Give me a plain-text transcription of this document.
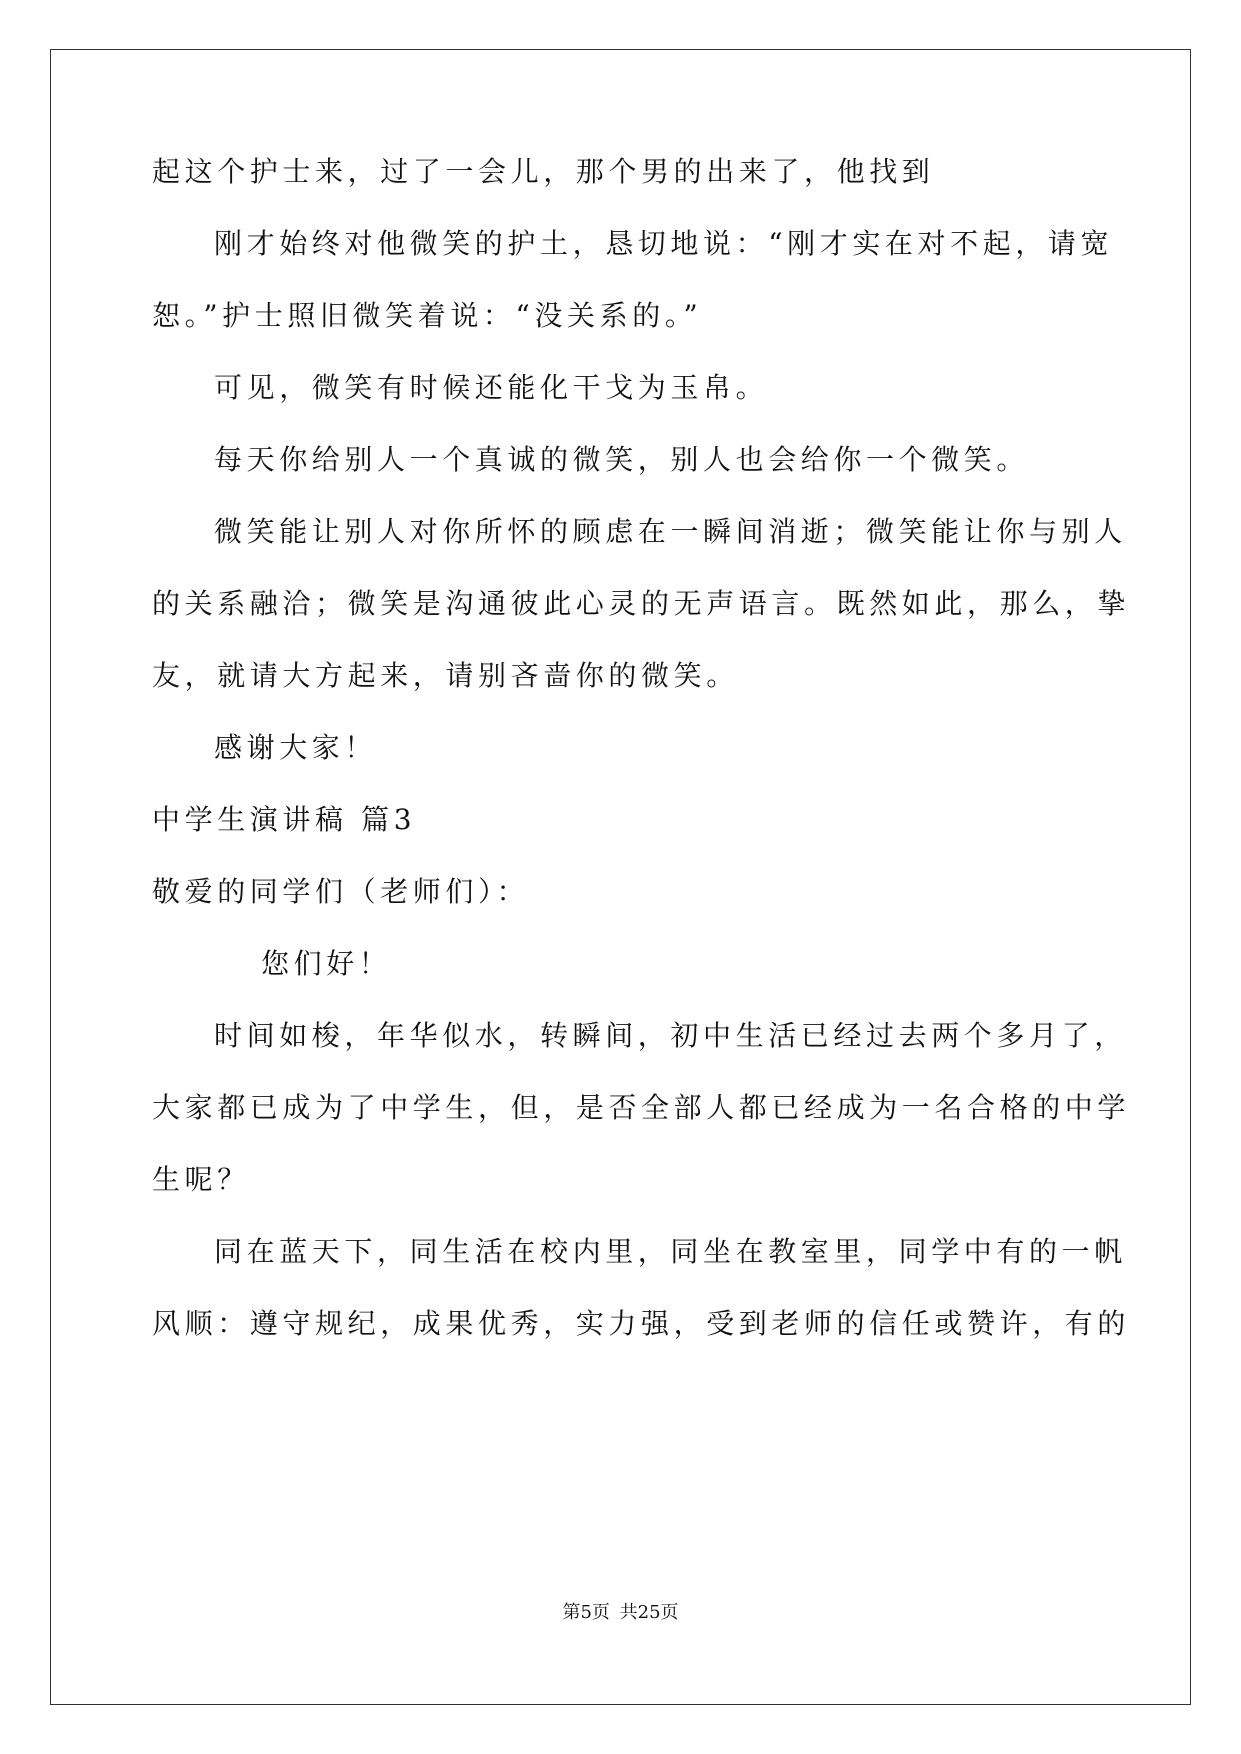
起这个护士来，过了一会儿，那个男的出来了，他找到
刚才始终对他微笑的护土，恳切地说：“刚才实在对不起，请宽
恕。”护士照旧微笑着说：“没关系的。”
可见，微笑有时候还能化干戈为玉帛。
每天你给别人一个真诚的微笑，别人也会给你一个微笑。
微笑能让别人对你所怀的顾虑在一瞬间消逝；微笑能让你与别人
的关系融洽；微笑是沟通彼此心灵的无声语言。既然如此，那么，挚
友，就请大方起来，请别吝啬你的微笑。
感谢大家！
中学生演讲稿 篇3
敬爱的同学们（老师们）：
您们好！
时间如梭，年华似水，转瞬间，初中生活已经过去两个多月了，
大家都已成为了中学生，但，是否全部人都已经成为一名合格的中学
生呢？
同在蓝天下，同生活在校内里，同坐在教室里，同学中有的一帆
风顺：遵守规纪，成果优秀，实力强，受到老师的信任或赞许，有的
第5页 共25页
